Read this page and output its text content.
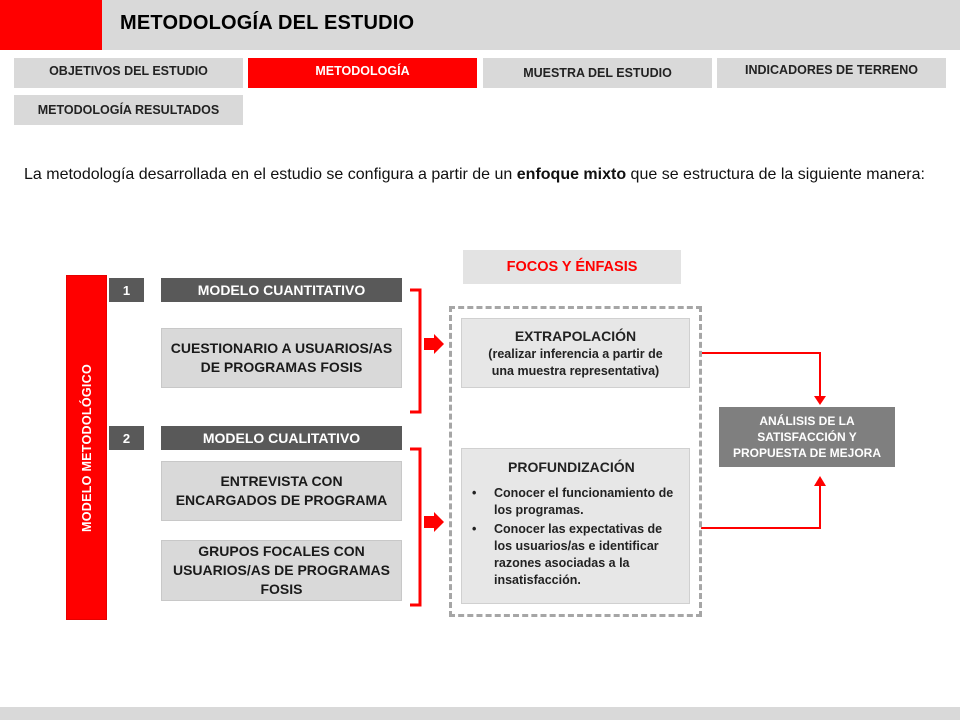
METODOLOGÍA DEL ESTUDIO
OBJETIVOS DEL ESTUDIO	METODOLOGÍA	MUESTRA DEL ESTUDIO	INDICADORES DE TERRENO
METODOLOGÍA RESULTADOS

La metodología desarrollada en el estudio se configura a partir de un enfoque mixto que se estructura de la siguiente manera:

MODELO METODOLÓGICO
1	MODELO CUANTITATIVO
CUESTIONARIO A USUARIOS/AS DE PROGRAMAS FOSIS
2	MODELO CUALITATIVO
ENTREVISTA CON ENCARGADOS DE PROGRAMA
GRUPOS FOCALES CON USUARIOS/AS DE PROGRAMAS FOSIS
FOCOS Y ÉNFASIS
EXTRAPOLACIÓN
(realizar inferencia a partir de una muestra representativa)
PROFUNDIZACIÓN
• Conocer el funcionamiento de los programas.
• Conocer las expectativas de los usuarios/as e identificar razones asociadas a la insatisfacción.
ANÁLISIS DE LA SATISFACCIÓN Y PROPUESTA DE MEJORA
